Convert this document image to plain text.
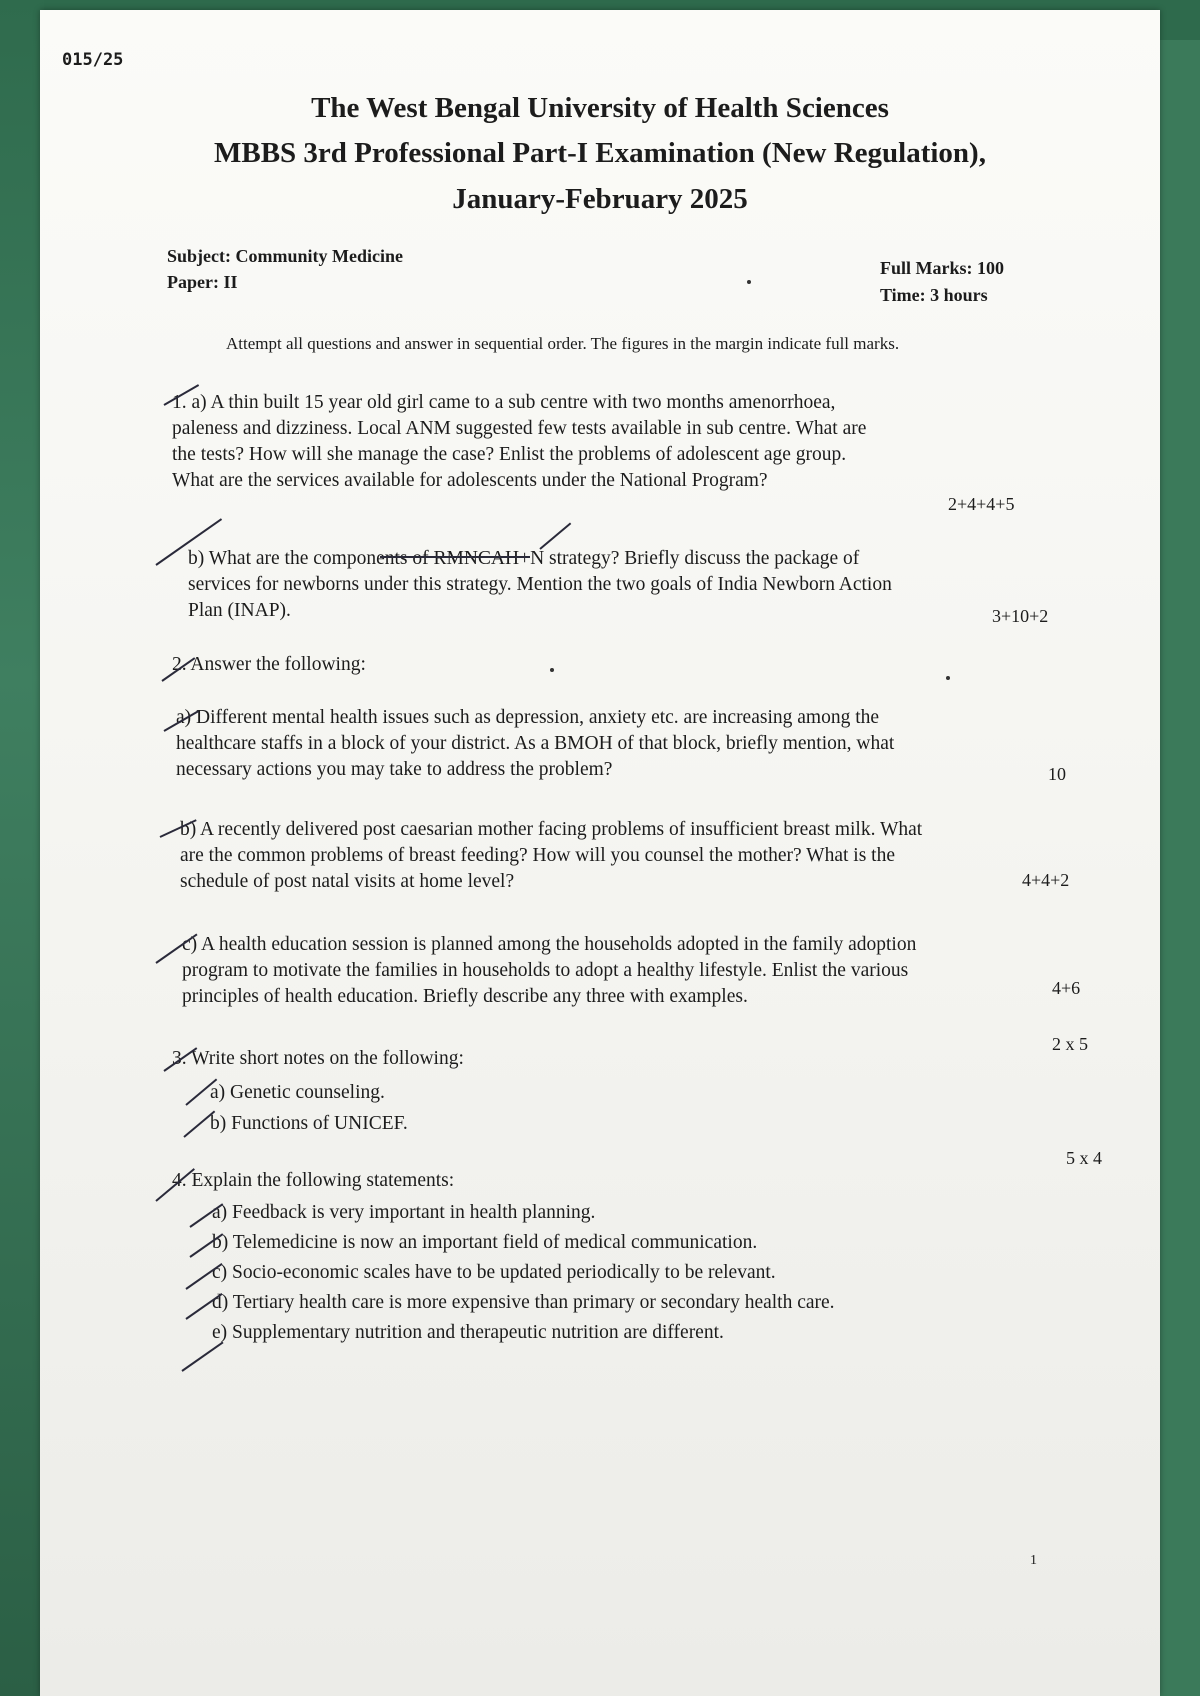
015/25
The West Bengal University of Health Sciences
MBBS 3rd Professional Part-I Examination (New Regulation),
January-February 2025
Subject: Community Medicine
Paper: II
Full Marks: 100
Time: 3 hours
Attempt all questions and answer in sequential order. The figures in the margin indicate full marks.
1. a) A thin built 15 year old girl came to a sub centre with two months amenorrhoea,
paleness and dizziness. Local ANM suggested few tests available in sub centre. What are
the tests? How will she manage the case? Enlist the problems of adolescent age group.
What are the services available for adolescents under the National Program?
2+4+4+5
b) What are the components of RMNCAH+N strategy? Briefly discuss the package of
services for newborns under this strategy. Mention the two goals of India Newborn Action
Plan (INAP).	3+10+2
2. Answer the following:
a) Different mental health issues such as depression, anxiety etc. are increasing among the
healthcare staffs in a block of your district. As a BMOH of that block, briefly mention, what
necessary actions you may take to address the problem?	10
b) A recently delivered post caesarian mother facing problems of insufficient breast milk. What
are the common problems of breast feeding? How will you counsel the mother? What is the
schedule of post natal visits at home level?	4+4+2
c) A health education session is planned among the households adopted in the family adoption
program to motivate the families in households to adopt a healthy lifestyle. Enlist the various
principles of health education. Briefly describe any three with examples.	4+6
2 x 5
3. Write short notes on the following:
a) Genetic counseling.
b) Functions of UNICEF.
5 x 4
4. Explain the following statements:
a) Feedback is very important in health planning.
b) Telemedicine is now an important field of medical communication.
c) Socio-economic scales have to be updated periodically to be relevant.
d) Tertiary health care is more expensive than primary or secondary health care.
e) Supplementary nutrition and therapeutic nutrition are different.
1
